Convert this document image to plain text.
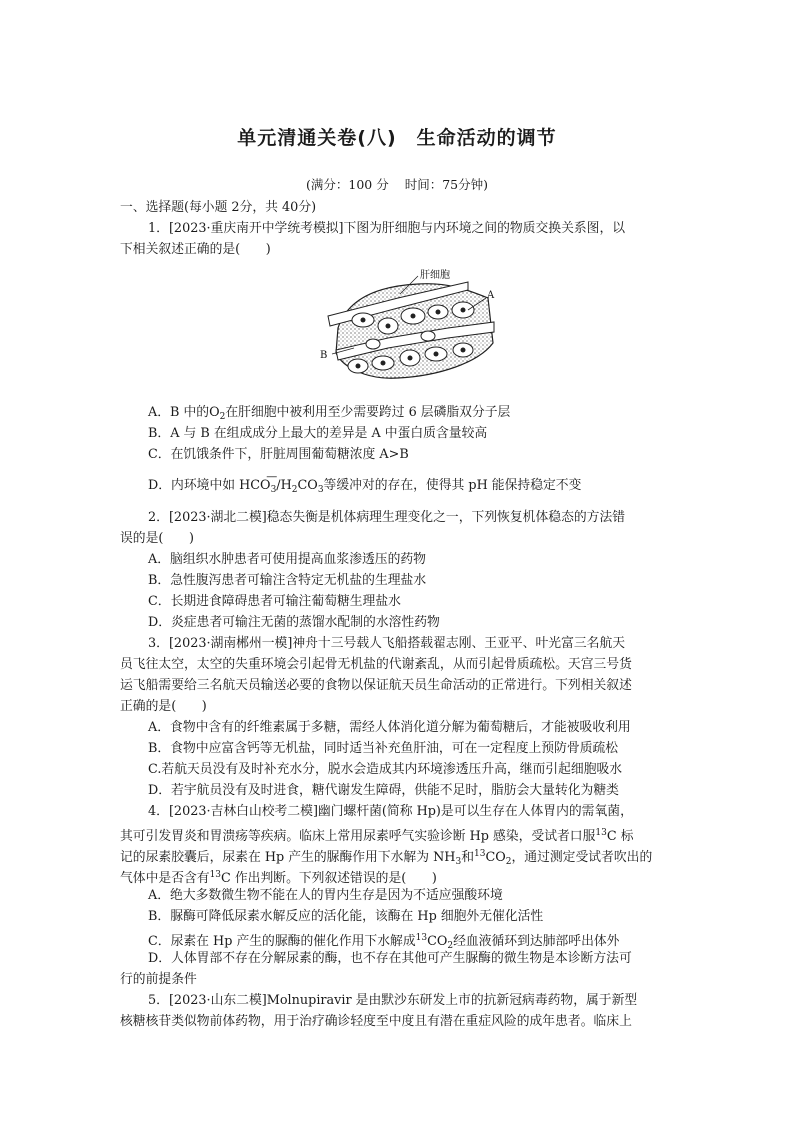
单元清通关卷(八) 生命活动的调节
(满分：100 分 时间：75分钟)
一、选择题(每小题 2分，共 40分)
1．[2023·重庆南开中学统考模拟]下图为肝细胞与内环境之间的物质交换关系图，以
下相关叙述正确的是(　　)
肝细胞
A
B
A．B 中的$O_2$在肝细胞中被利用至少需要跨过 6 层磷脂双分子层
B．A 与 B 在组成成分上最大的差异是 A 中蛋白质含量较高
C．在饥饿条件下，肝脏周围葡萄糖浓度 A>B
D．内环境中如 $HCO_3$
—
$/H_2CO_3$等缓冲对的存在，使得其 pH 能保持稳定不变
2．[2023·湖北二模]稳态失衡是机体病理生理变化之一，下列恢复机体稳态的方法错
误的是(　　)
A．脑组织水肿患者可使用提高血浆渗透压的药物
B．急性腹泻患者可输注含特定无机盐的生理盐水
C．长期进食障碍患者可输注葡萄糖生理盐水
D．炎症患者可输注无菌的蒸馏水配制的水溶性药物
3．[2023·湖南郴州一模]神舟十三号载人飞船搭载翟志刚、王亚平、叶光富三名航天
员飞往太空，太空的失重环境会引起骨无机盐的代谢紊乱，从而引起骨质疏松。天宫三号货
运飞船需要给三名航天员输送必要的食物以保证航天员生命活动的正常进行。下列相关叙述
正确的是(　　)
A．食物中含有的纤维素属于多糖，需经人体消化道分解为葡萄糖后，才能被吸收利用
B．食物中应富含钙等无机盐，同时适当补充鱼肝油，可在一定程度上预防骨质疏松
C.若航天员没有及时补充水分，脱水会造成其内环境渗透压升高，继而引起细胞吸水
D．若宇航员没有及时进食，糖代谢发生障碍，供能不足时，脂肪会大量转化为糖类
4．[2023·吉林白山校考二模]幽门螺杆菌(简称 Hp)是可以生存在人体胃内的需氧菌，
其可引发胃炎和胃溃疡等疾病。临床上常用尿素呼气实验诊断 Hp 感染，受试者口服$^{13}$C 标
记的尿素胶囊后，尿素在 Hp 产生的脲酶作用下水解为 $NH_3$和$^{13}CO_2$，通过测定受试者吹出的
气体中是否含有$^{13}$C 作出判断。下列叙述错误的是(　　)
A．绝大多数微生物不能在人的胃内生存是因为不适应强酸环境
B．脲酶可降低尿素水解反应的活化能，该酶在 Hp 细胞外无催化活性
C．尿素在 Hp 产生的脲酶的催化作用下水解成$^{13}CO_2$经血液循环到达肺部呼出体外
D．人体胃部不存在分解尿素的酶，也不存在其他可产生脲酶的微生物是本诊断方法可
行的前提条件
5．[2023·山东二模]Molnupiravir 是由默沙东研发上市的抗新冠病毒药物，属于新型
核糖核苷类似物前体药物，用于治疗确诊轻度至中度且有潜在重症风险的成年患者。临床上
